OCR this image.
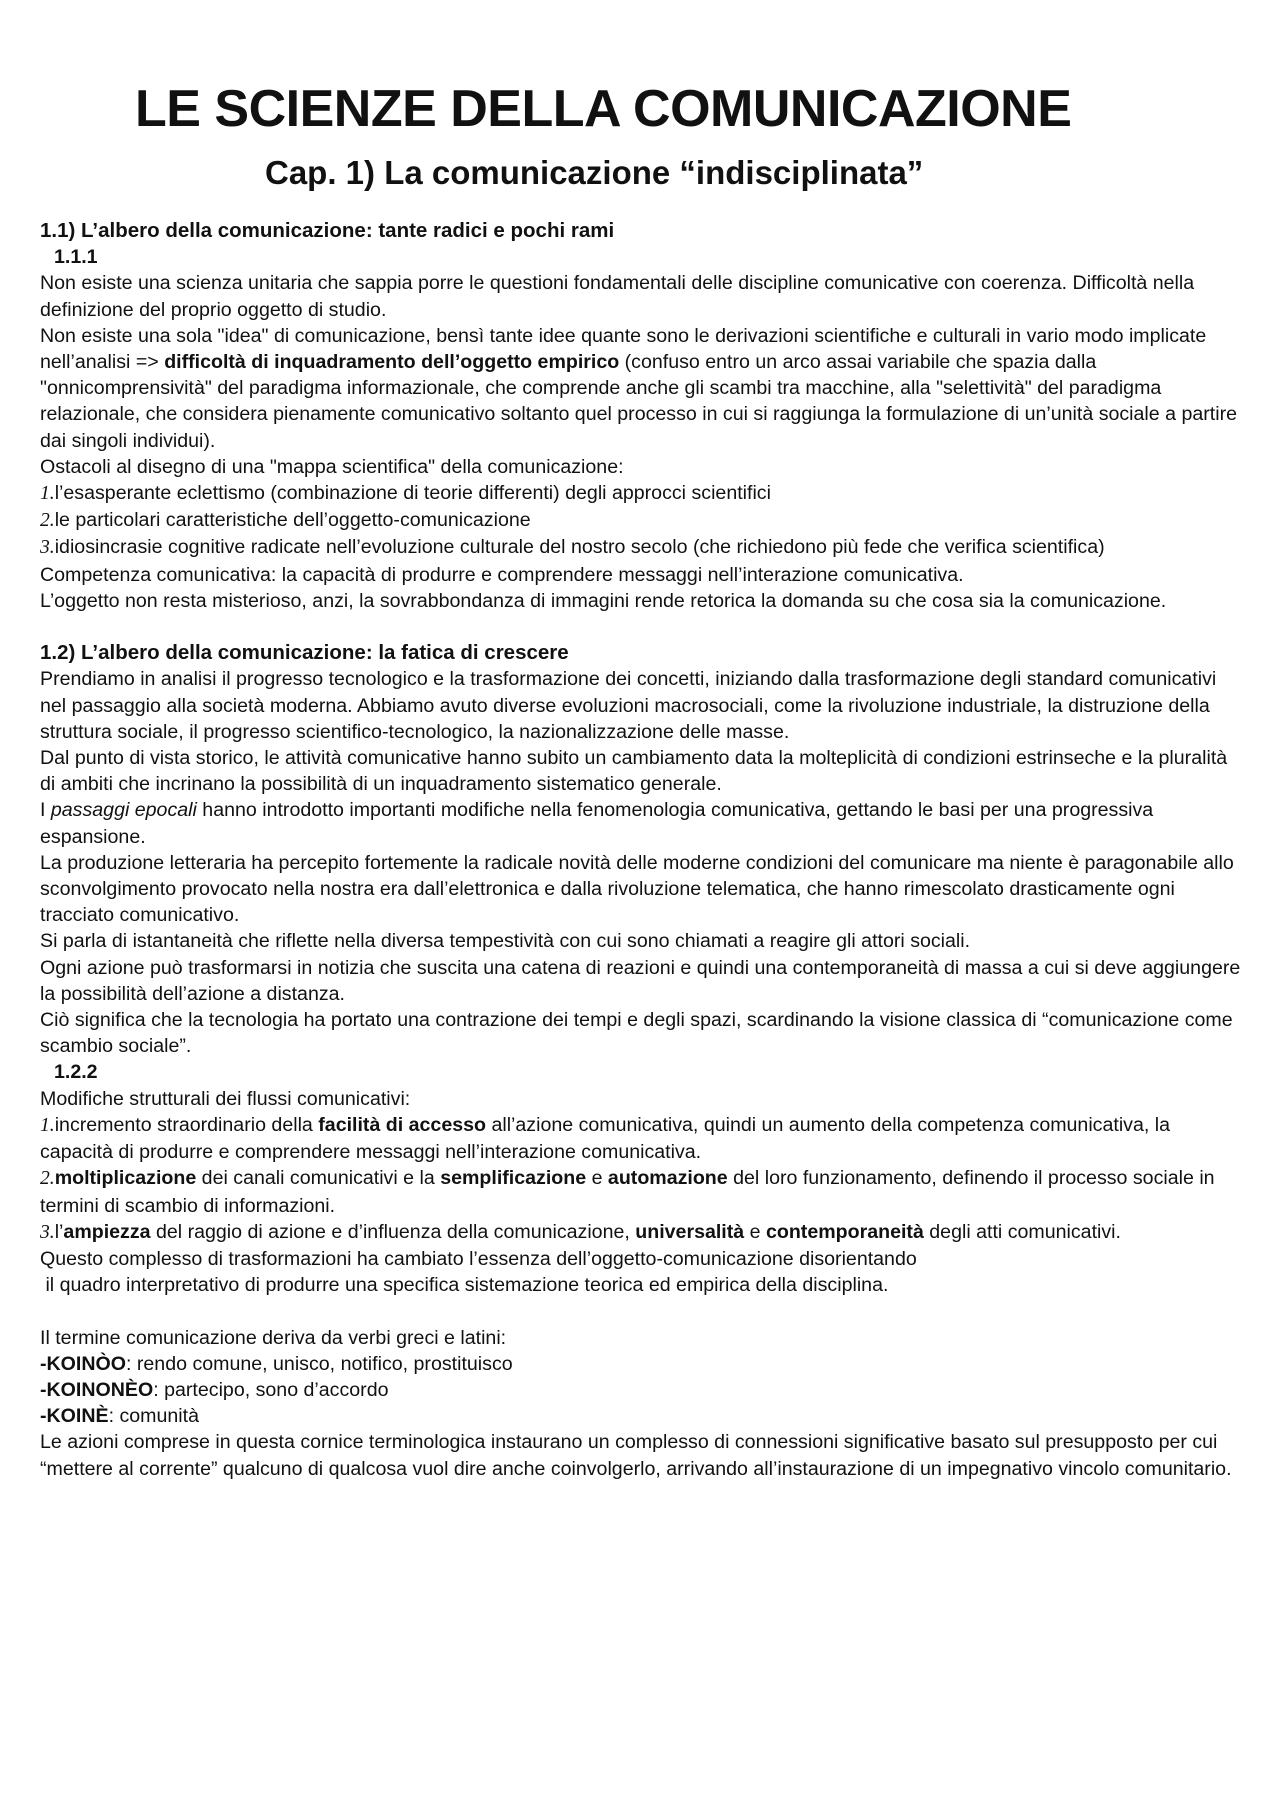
LE SCIENZE DELLA COMUNICAZIONE
Cap. 1) La comunicazione “indisciplinata”

1.1) L’albero della comunicazione: tante radici e pochi rami

1.1.1

Non esiste una scienza unitaria che sappia porre le questioni fondamentali delle discipline comunicative con coerenza. Difficoltà nella definizione del proprio oggetto di studio.

Non esiste una sola "idea" di comunicazione, bensì tante idee quante sono le derivazioni scientifiche e culturali in vario modo implicate nell’analisi => difficoltà di inquadramento dell’oggetto empirico (confuso entro un arco assai variabile che spazia dalla "onnicomprensività" del paradigma informazionale, che comprende anche gli scambi tra macchine, alla "selettività" del paradigma relazionale, che considera pienamente comunicativo soltanto quel processo in cui si raggiunga la formulazione di un’unità sociale a partire dai singoli individui).

Ostacoli al disegno di una "mappa scientifica" della comunicazione:

1.l’esasperante eclettismo (combinazione di teorie differenti) degli approcci scientifici

2.le particolari caratteristiche dell’oggetto-comunicazione

3.idiosincrasie cognitive radicate nell’evoluzione culturale del nostro secolo (che richiedono più fede che verifica scientifica)

Competenza comunicativa: la capacità di produrre e comprendere messaggi nell’interazione comunicativa.

L’oggetto non resta misterioso, anzi, la sovrabbondanza di immagini rende retorica la domanda su che cosa sia la comunicazione.

1.2) L’albero della comunicazione: la fatica di crescere

Prendiamo in analisi il progresso tecnologico e la trasformazione dei concetti, iniziando dalla trasformazione degli standard comunicativi nel passaggio alla società moderna. Abbiamo avuto diverse evoluzioni macrosociali, come la rivoluzione industriale, la distruzione della struttura sociale, il progresso scientifico-tecnologico, la nazionalizzazione delle masse.

Dal punto di vista storico, le attività comunicative hanno subito un cambiamento data la molteplicità di condizioni estrinseche e la pluralità di ambiti che incrinano la possibilità di un inquadramento sistematico generale.

I passaggi epocali hanno introdotto importanti modifiche nella fenomenologia comunicativa, gettando le basi per una progressiva espansione.

La produzione letteraria ha percepito fortemente la radicale novità delle moderne condizioni del comunicare ma niente è paragonabile allo sconvolgimento provocato nella nostra era dall’elettronica e dalla rivoluzione telematica, che hanno rimescolato drasticamente ogni tracciato comunicativo.

Si parla di istantaneità che riflette nella diversa tempestività con cui sono chiamati a reagire gli attori sociali.

Ogni azione può trasformarsi in notizia che suscita una catena di reazioni e quindi una contemporaneità di massa a cui si deve aggiungere la possibilità dell’azione a distanza.

Ciò significa che la tecnologia ha portato una contrazione dei tempi e degli spazi, scardinando la visione classica di “comunicazione come scambio sociale”.

1.2.2

Modifiche strutturali dei flussi comunicativi:

1.incremento straordinario della facilità di accesso all’azione comunicativa, quindi un aumento della competenza comunicativa, la capacità di produrre e comprendere messaggi nell’interazione comunicativa.

2.moltiplicazione dei canali comunicativi e la semplificazione e automazione del loro funzionamento, definendo il processo sociale in termini di scambio di informazioni.

3.l’ampiezza del raggio di azione e d’influenza della comunicazione, universalità e contemporaneità degli atti comunicativi.

Questo complesso di trasformazioni ha cambiato l’essenza dell’oggetto-comunicazione disorientando

il quadro interpretativo di produrre una specifica sistemazione teorica ed empirica della disciplina.

Il termine comunicazione deriva da verbi greci e latini:

-KOINÒO: rendo comune, unisco, notifico, prostituisco

-KOINONÈO: partecipo, sono d’accordo

-KOINÈ: comunità

Le azioni comprese in questa cornice terminologica instaurano un complesso di connessioni significative basato sul presupposto per cui “mettere al corrente” qualcuno di qualcosa vuol dire anche coinvolgerlo, arrivando all’instaurazione di un impegnativo vincolo comunitario.
